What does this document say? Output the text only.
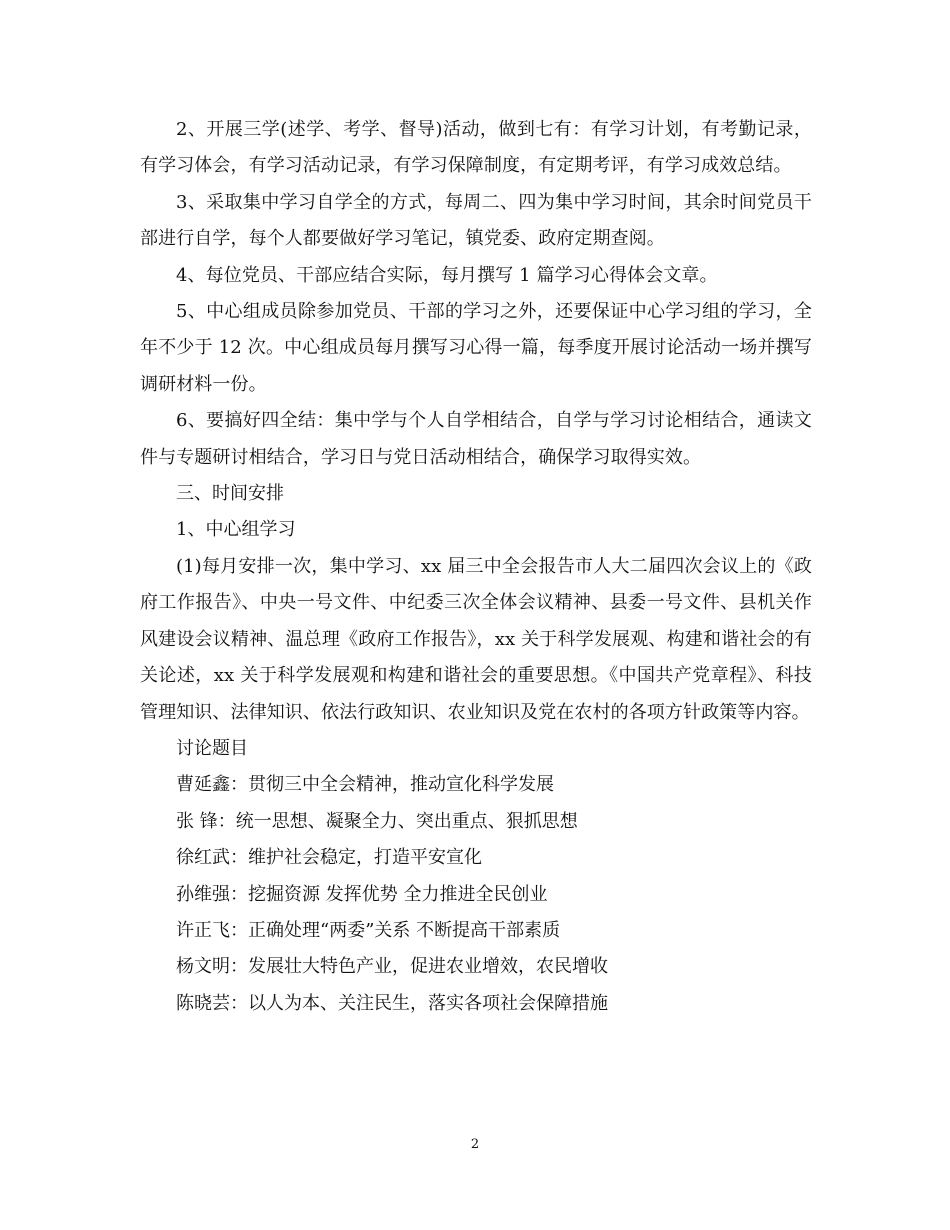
2、开展三学(述学、考学、督导)活动，做到七有：有学习计划，有考勤记录，有学习体会，有学习活动记录，有学习保障制度，有定期考评，有学习成效总结。

3、采取集中学习自学全的方式，每周二、四为集中学习时间，其余时间党员干部进行自学，每个人都要做好学习笔记，镇党委、政府定期查阅。

4、每位党员、干部应结合实际，每月撰写 1 篇学习心得体会文章。

5、中心组成员除参加党员、干部的学习之外，还要保证中心学习组的学习，全年不少于 12 次。中心组成员每月撰写习心得一篇，每季度开展讨论活动一场并撰写调研材料一份。

6、要搞好四全结：集中学与个人自学相结合，自学与学习讨论相结合，通读文件与专题研讨相结合，学习日与党日活动相结合，确保学习取得实效。

三、时间安排

1、中心组学习

(1)每月安排一次，集中学习、xx 届三中全会报告市人大二届四次会议上的《政府工作报告》、中央一号文件、中纪委三次全体会议精神、县委一号文件、县机关作风建设会议精神、温总理《政府工作报告》，xx 关于科学发展观、构建和谐社会的有关论述，xx 关于科学发展观和构建和谐社会的重要思想。《中国共产党章程》、科技管理知识、法律知识、依法行政知识、农业知识及党在农村的各项方针政策等内容。

讨论题目

曹延鑫：贯彻三中全会精神，推动宣化科学发展

张 锋：统一思想、凝聚全力、突出重点、狠抓思想

徐红武：维护社会稳定，打造平安宣化

孙维强：挖掘资源 发挥优势 全力推进全民创业

许正飞：正确处理“两委”关系 不断提高干部素质

杨文明：发展壮大特色产业，促进农业增效，农民增收

陈晓芸：以人为本、关注民生，落实各项社会保障措施

2
